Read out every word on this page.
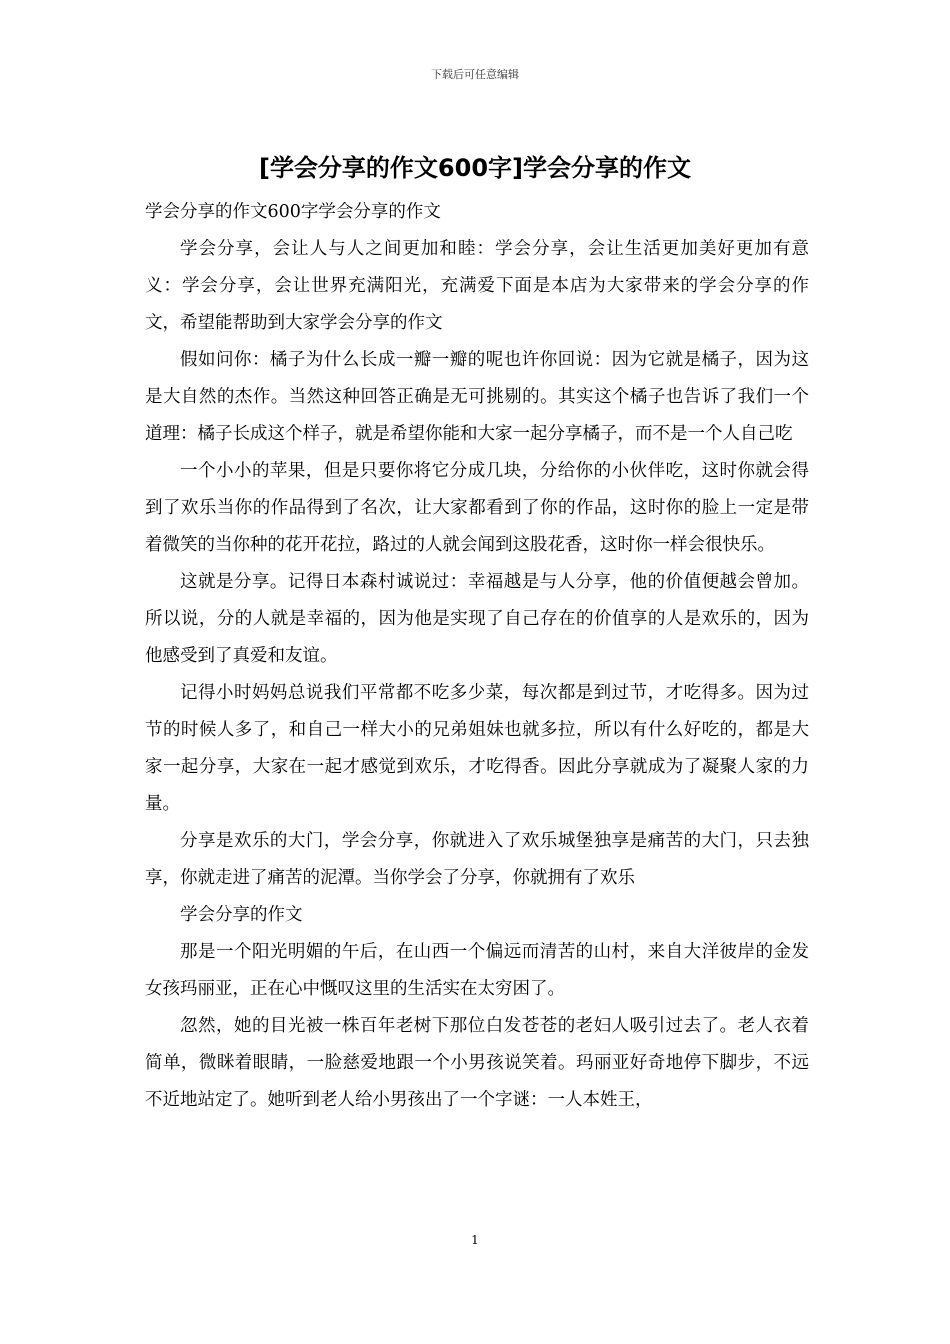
下载后可任意编辑
[学会分享的作文600字]学会分享的作文

学会分享的作文600字学会分享的作文

学会分享，会让人与人之间更加和睦：学会分享，会让生活更加美好更加有意义：学会分享，会让世界充满阳光，充满爱下面是本店为大家带来的学会分享的作文，希望能帮助到大家学会分享的作文

假如问你：橘子为什么长成一瓣一瓣的呢也许你回说：因为它就是橘子，因为这是大自然的杰作。当然这种回答正确是无可挑剔的。其实这个橘子也告诉了我们一个道理：橘子长成这个样子，就是希望你能和大家一起分享橘子，而不是一个人自己吃

一个小小的苹果，但是只要你将它分成几块，分给你的小伙伴吃，这时你就会得到了欢乐当你的作品得到了名次，让大家都看到了你的作品，这时你的脸上一定是带着微笑的当你种的花开花拉，路过的人就会闻到这股花香，这时你一样会很快乐。

这就是分享。记得日本森村诚说过：幸福越是与人分享，他的价值便越会曾加。所以说，分的人就是幸福的，因为他是实现了自己存在的价值享的人是欢乐的，因为他感受到了真爱和友谊。

记得小时妈妈总说我们平常都不吃多少菜，每次都是到过节，才吃得多。因为过节的时候人多了，和自己一样大小的兄弟姐妹也就多拉，所以有什么好吃的，都是大家一起分享，大家在一起才感觉到欢乐，才吃得香。因此分享就成为了凝聚人家的力量。

分享是欢乐的大门，学会分享，你就进入了欢乐城堡独享是痛苦的大门，只去独享，你就走进了痛苦的泥潭。当你学会了分享，你就拥有了欢乐

学会分享的作文

那是一个阳光明媚的午后，在山西一个偏远而清苦的山村，来自大洋彼岸的金发女孩玛丽亚，正在心中慨叹这里的生活实在太穷困了。

忽然，她的目光被一株百年老树下那位白发苍苍的老妇人吸引过去了。老人衣着简单，微眯着眼睛，一脸慈爱地跟一个小男孩说笑着。玛丽亚好奇地停下脚步，不远不近地站定了。她听到老人给小男孩出了一个字谜：一人本姓王，

1
